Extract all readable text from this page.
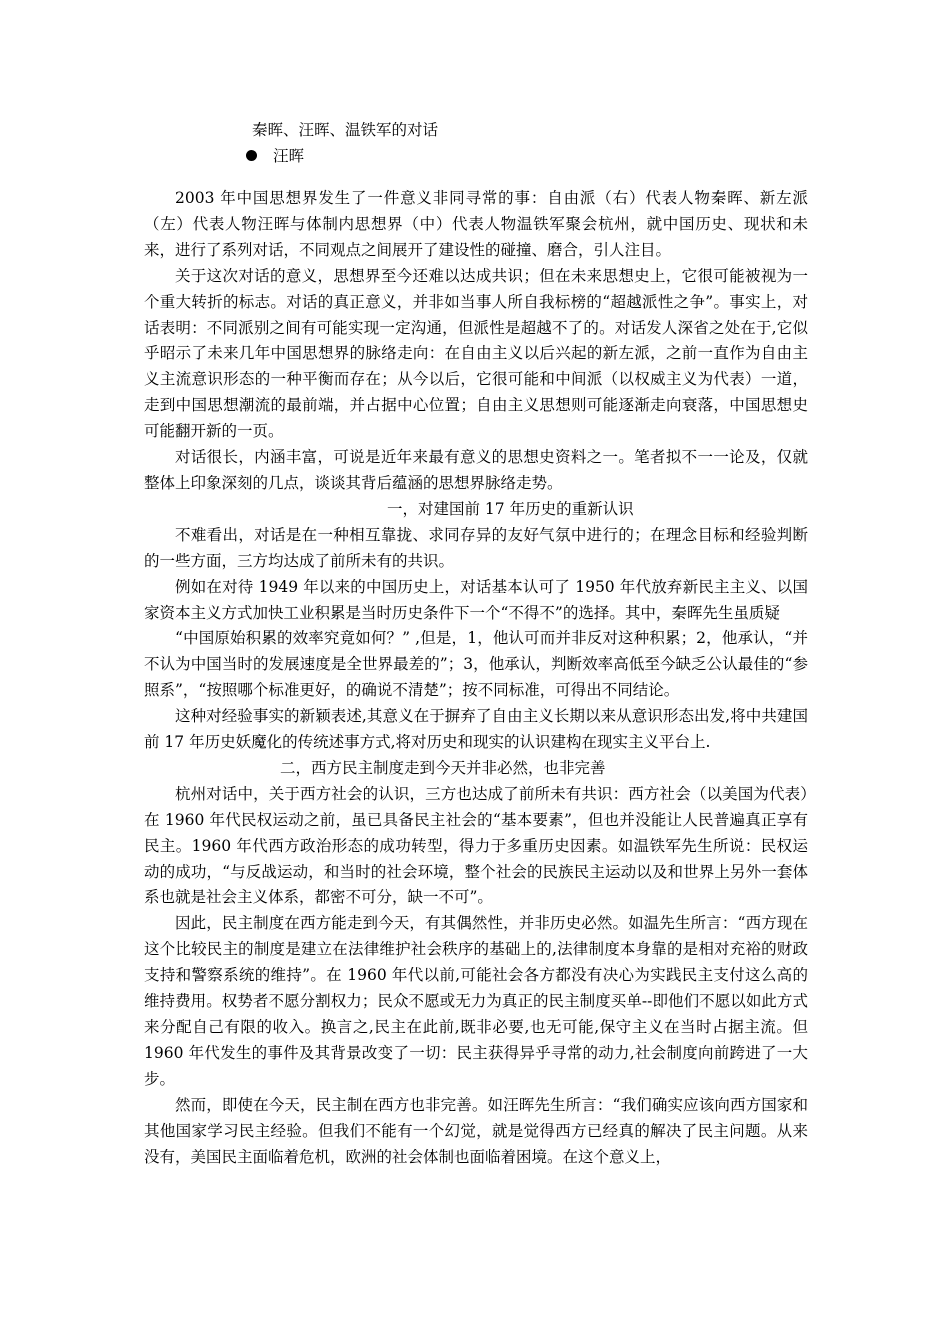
秦晖、汪晖、温铁军的对话
汪晖

2003 年中国思想界发生了一件意义非同寻常的事：自由派（右）代表人物秦晖、新左派（左）代表人物汪晖与体制内思想界（中）代表人物温铁军聚会杭州，就中国历史、现状和未来，进行了系列对话，不同观点之间展开了建设性的碰撞、磨合，引人注目。

关于这次对话的意义，思想界至今还难以达成共识；但在未来思想史上，它很可能被视为一个重大转折的标志。对话的真正意义，并非如当事人所自我标榜的“超越派性之争”。事实上，对话表明：不同派别之间有可能实现一定沟通，但派性是超越不了的。对话发人深省之处在于,它似乎昭示了未来几年中国思想界的脉络走向：在自由主义以后兴起的新左派，之前一直作为自由主义主流意识形态的一种平衡而存在；从今以后，它很可能和中间派（以权威主义为代表）一道，走到中国思想潮流的最前端，并占据中心位置；自由主义思想则可能逐渐走向衰落，中国思想史可能翻开新的一页。

对话很长，内涵丰富，可说是近年来最有意义的思想史资料之一。笔者拟不一一论及，仅就整体上印象深刻的几点，谈谈其背后蕴涵的思想界脉络走势。

一，对建国前 17 年历史的重新认识

不难看出，对话是在一种相互靠拢、求同存异的友好气氛中进行的；在理念目标和经验判断的一些方面，三方均达成了前所未有的共识。

例如在对待 1949 年以来的中国历史上，对话基本认可了 1950 年代放弃新民主主义、以国家资本主义方式加快工业积累是当时历史条件下一个“不得不”的选择。其中，秦晖先生虽质疑

“中国原始积累的效率究竟如何？” ,但是，1，他认可而并非反对这种积累；2，他承认，“并不认为中国当时的发展速度是全世界最差的”；3，他承认，判断效率高低至今缺乏公认最佳的“参照系”，“按照哪个标准更好，的确说不清楚”；按不同标准，可得出不同结论。

这种对经验事实的新颖表述,其意义在于摒弃了自由主义长期以来从意识形态出发,将中共建国前 17 年历史妖魔化的传统述事方式,将对历史和现实的认识建构在现实主义平台上.

二，西方民主制度走到今天并非必然，也非完善

杭州对话中，关于西方社会的认识，三方也达成了前所未有共识：西方社会（以美国为代表）在 1960 年代民权运动之前，虽已具备民主社会的“基本要素”，但也并没能让人民普遍真正享有民主。1960 年代西方政治形态的成功转型，得力于多重历史因素。如温铁军先生所说：民权运动的成功，“与反战运动，和当时的社会环境，整个社会的民族民主运动以及和世界上另外一套体系也就是社会主义体系，都密不可分，缺一不可”。

因此，民主制度在西方能走到今天，有其偶然性，并非历史必然。如温先生所言：“西方现在这个比较民主的制度是建立在法律维护社会秩序的基础上的,法律制度本身靠的是相对充裕的财政支持和警察系统的维持”。在 1960 年代以前,可能社会各方都没有决心为实践民主支付这么高的维持费用。权势者不愿分割权力；民众不愿或无力为真正的民主制度买单--即他们不愿以如此方式来分配自己有限的收入。换言之,民主在此前,既非必要,也无可能,保守主义在当时占据主流。但 1960 年代发生的事件及其背景改变了一切：民主获得异乎寻常的动力,社会制度向前跨进了一大步。

然而，即使在今天，民主制在西方也非完善。如汪晖先生所言：“我们确实应该向西方国家和其他国家学习民主经验。但我们不能有一个幻觉，就是觉得西方已经真的解决了民主问题。从来没有，美国民主面临着危机，欧洲的社会体制也面临着困境。在这个意义上，
